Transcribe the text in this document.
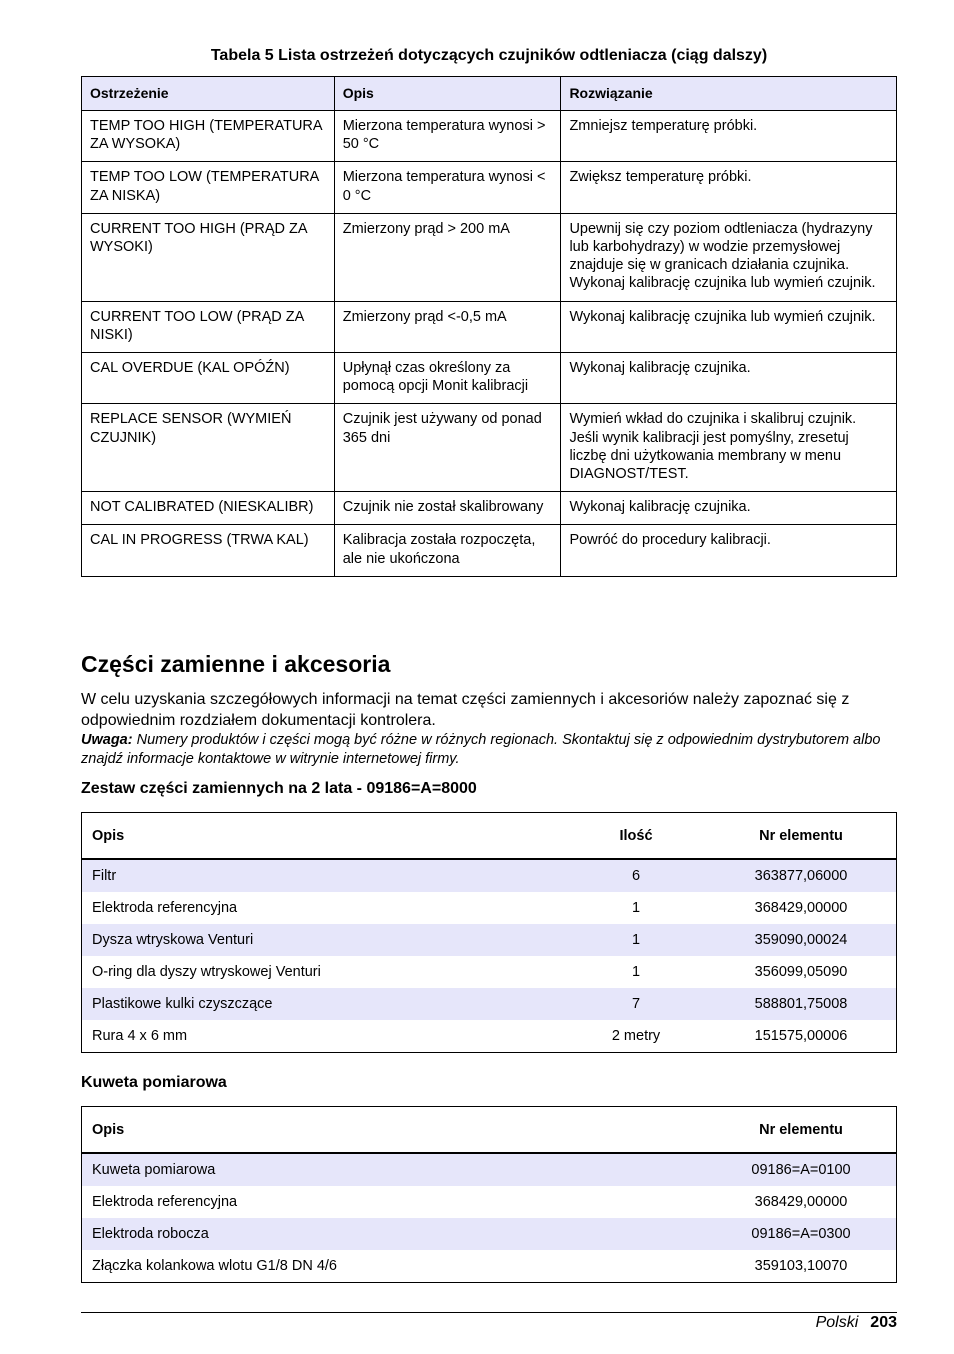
Tabela 5 Lista ostrzeżeń dotyczących czujników odtleniacza (ciąg dalszy)
Ostrzeżenie	Opis	Rozwiązanie
TEMP TOO HIGH (TEMPERATURA ZA WYSOKA)	Mierzona temperatura wynosi > 50 °C	Zmniejsz temperaturę próbki.
TEMP TOO LOW (TEMPERATURA ZA NISKA)	Mierzona temperatura wynosi < 0 °C	Zwiększ temperaturę próbki.
CURRENT TOO HIGH (PRĄD ZA WYSOKI)	Zmierzony prąd > 200 mA	Upewnij się czy poziom odtleniacza (hydrazyny lub karbohydrazy) w wodzie przemysłowej znajduje się w granicach działania czujnika. Wykonaj kalibrację czujnika lub wymień czujnik.
CURRENT TOO LOW (PRĄD ZA NISKI)	Zmierzony prąd <-0,5 mA	Wykonaj kalibrację czujnika lub wymień czujnik.
CAL OVERDUE (KAL OPÓŹN)	Upłynął czas określony za pomocą opcji Monit kalibracji	Wykonaj kalibrację czujnika.
REPLACE SENSOR (WYMIEŃ CZUJNIK)	Czujnik jest używany od ponad 365 dni	Wymień wkład do czujnika i skalibruj czujnik. Jeśli wynik kalibracji jest pomyślny, zresetuj liczbę dni użytkowania membrany w menu DIAGNOST/TEST.
NOT CALIBRATED (NIESKALIBR)	Czujnik nie został skalibrowany	Wykonaj kalibrację czujnika.
CAL IN PROGRESS (TRWA KAL)	Kalibracja została rozpoczęta, ale nie ukończona	Powróć do procedury kalibracji.
Części zamienne i akcesoria

W celu uzyskania szczegółowych informacji na temat części zamiennych i akcesoriów należy zapoznać się z odpowiednim rozdziałem dokumentacji kontrolera.

Uwaga: Numery produktów i części mogą być różne w różnych regionach. Skontaktuj się z odpowiednim dystrybutorem albo znajdź informacje kontaktowe w witrynie internetowej firmy.

Zestaw części zamiennych na 2 lata - 09186=A=8000
Opis	Ilość	Nr elementu
Filtr	6	363877,06000
Elektroda referencyjna	1	368429,00000
Dysza wtryskowa Venturi	1	359090,00024
O-ring dla dyszy wtryskowej Venturi	1	356099,05090
Plastikowe kulki czyszczące	7	588801,75008
Rura 4 x 6 mm	2 metry	151575,00006
Kuweta pomiarowa
Opis	Nr elementu
Kuweta pomiarowa	09186=A=0100
Elektroda referencyjna	368429,00000
Elektroda robocza	09186=A=0300
Złączka kolankowa wlotu G1/8 DN 4/6	359103,10070
Polski 203
